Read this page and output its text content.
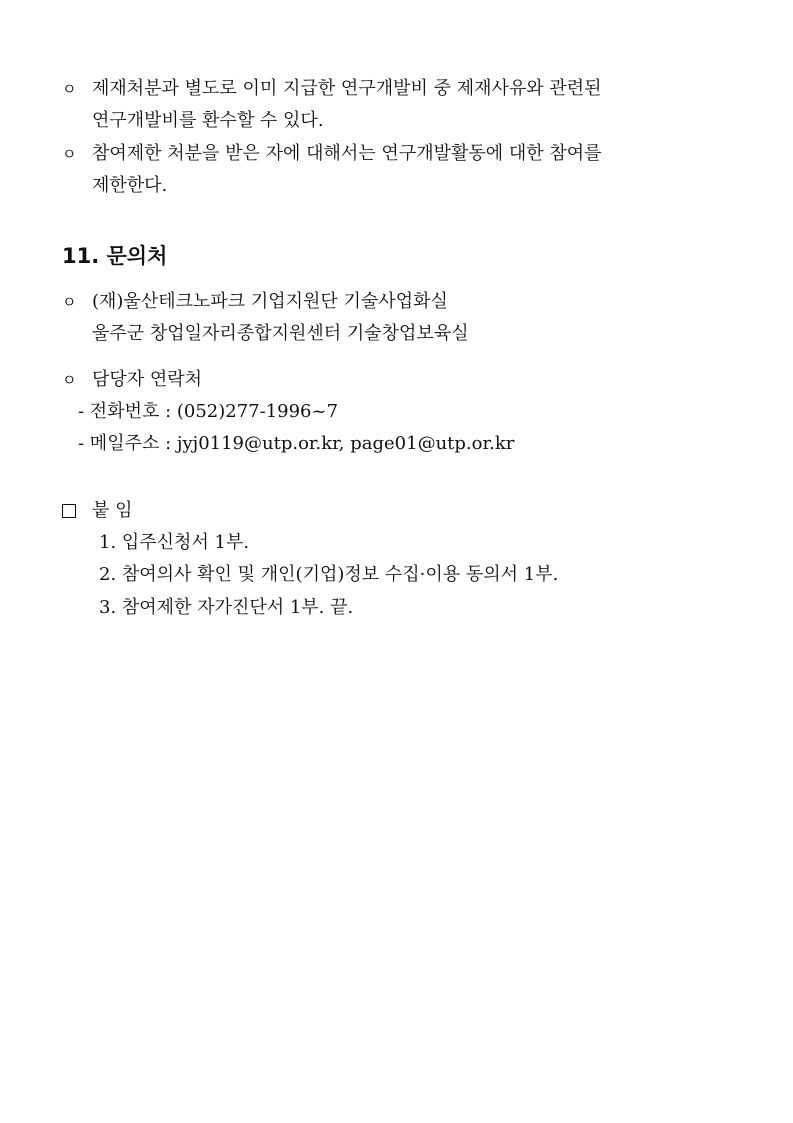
ㅇ 제재처분과 별도로 이미 지급한 연구개발비 중 제재사유와 관련된
연구개발비를 환수할 수 있다.
ㅇ 참여제한 처분을 받은 자에 대해서는 연구개발활동에 대한 참여를
제한한다.
11. 문의처
ㅇ (재)울산테크노파크 기업지원단 기술사업화실
울주군 창업일자리종합지원센터 기술창업보육실
ㅇ 담당자 연락처
- 전화번호 : (052)277-1996~7
- 메일주소 : jyj0119@utp.or.kr, page01@utp.or.kr
붙 임
1. 입주신청서 1부.
2. 참여의사 확인 및 개인(기업)정보 수집·이용 동의서 1부.
3. 참여제한 자가진단서 1부. 끝.
